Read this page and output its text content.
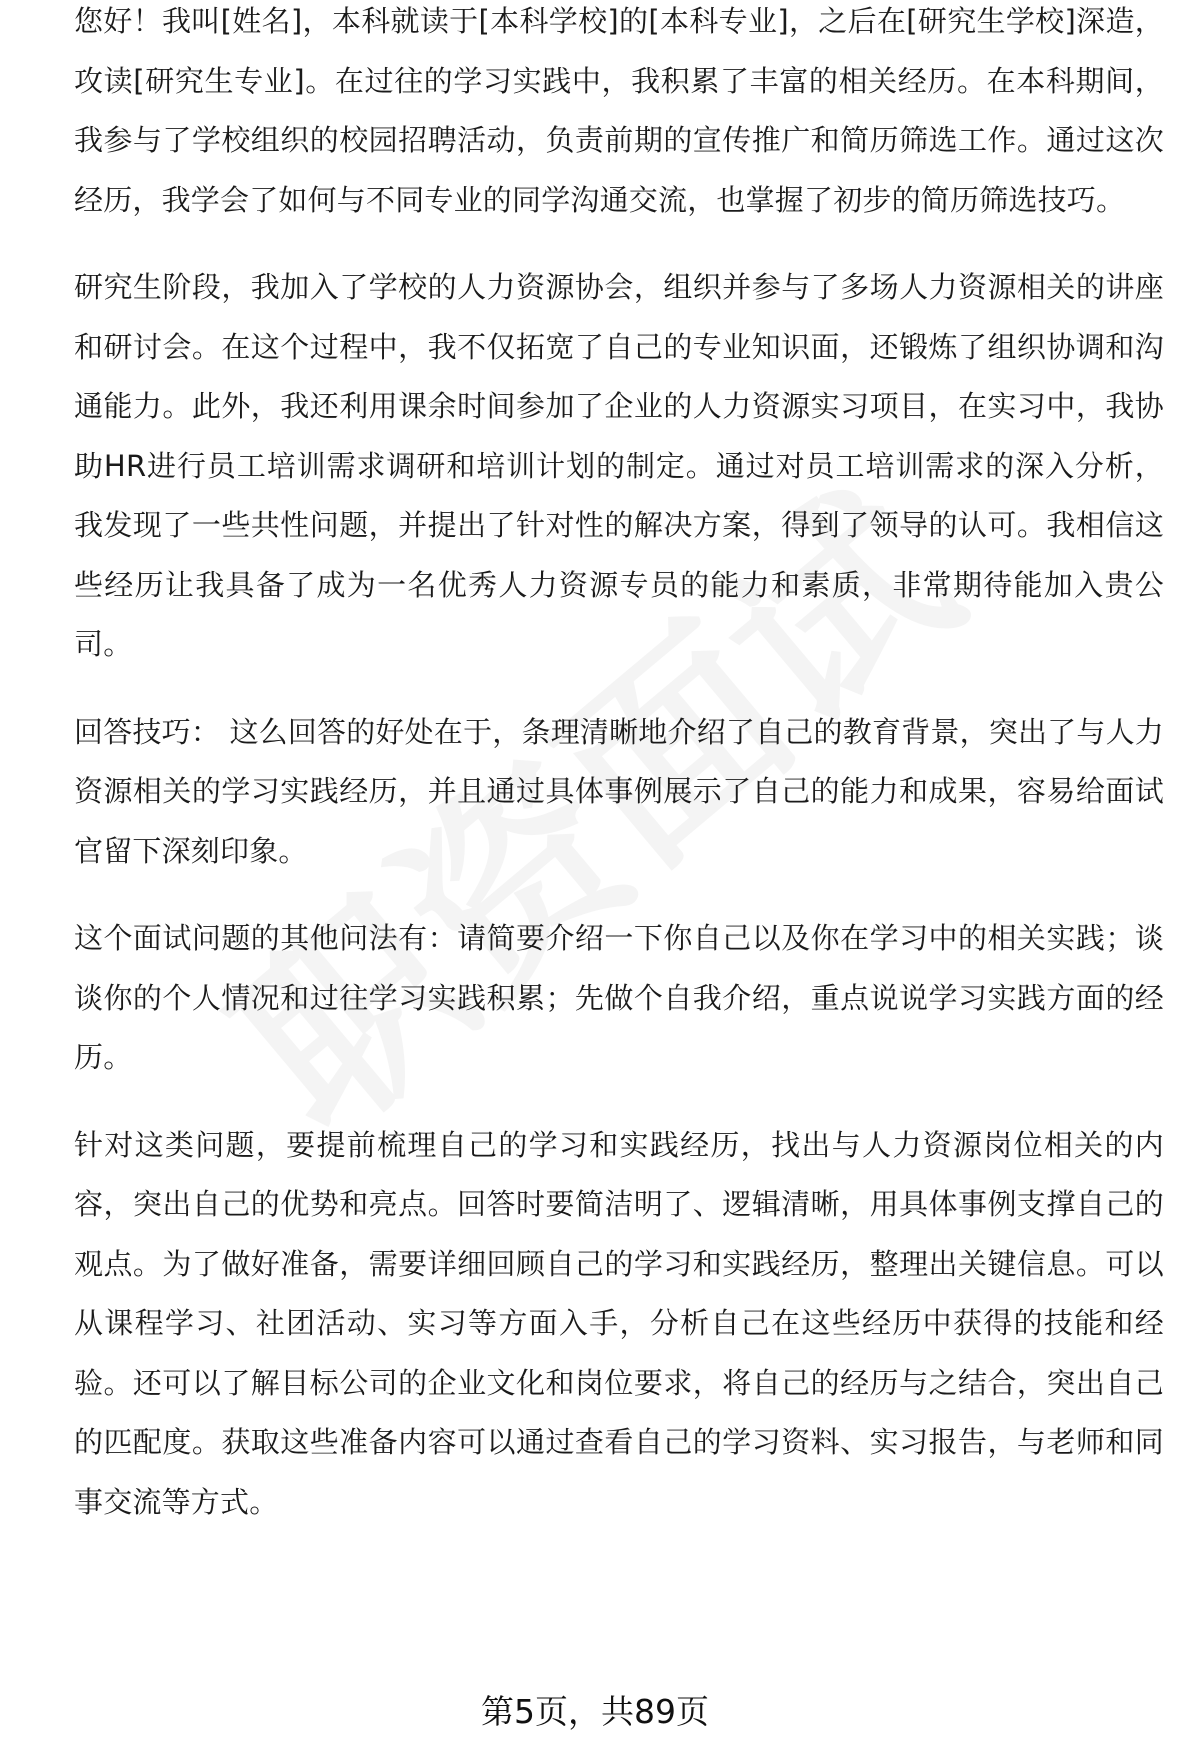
您好！我叫[姓名]，本科就读于[本科学校]的[本科专业]，之后在[研究生学校]深造，攻读[研究生专业]。在过往的学习实践中，我积累了丰富的相关经历。在本科期间，我参与了学校组织的校园招聘活动，负责前期的宣传推广和简历筛选工作。通过这次经历，我学会了如何与不同专业的同学沟通交流，也掌握了初步的简历筛选技巧。

研究生阶段，我加入了学校的人力资源协会，组织并参与了多场人力资源相关的讲座和研讨会。在这个过程中，我不仅拓宽了自己的专业知识面，还锻炼了组织协调和沟通能力。此外，我还利用课余时间参加了企业的人力资源实习项目，在实习中，我协助HR进行员工培训需求调研和培训计划的制定。通过对员工培训需求的深入分析，我发现了一些共性问题，并提出了针对性的解决方案，得到了领导的认可。我相信这些经历让我具备了成为一名优秀人力资源专员的能力和素质，非常期待能加入贵公司。

回答技巧： 这么回答的好处在于，条理清晰地介绍了自己的教育背景，突出了与人力资源相关的学习实践经历，并且通过具体事例展示了自己的能力和成果，容易给面试官留下深刻印象。

这个面试问题的其他问法有：请简要介绍一下你自己以及你在学习中的相关实践；谈谈你的个人情况和过往学习实践积累；先做个自我介绍，重点说说学习实践方面的经历。

针对这类问题，要提前梳理自己的学习和实践经历，找出与人力资源岗位相关的内容，突出自己的优势和亮点。回答时要简洁明了、逻辑清晰，用具体事例支撑自己的观点。为了做好准备，需要详细回顾自己的学习和实践经历，整理出关键信息。可以从课程学习、社团活动、实习等方面入手，分析自己在这些经历中获得的技能和经验。还可以了解目标公司的企业文化和岗位要求，将自己的经历与之结合，突出自己的匹配度。获取这些准备内容可以通过查看自己的学习资料、实习报告，与老师和同事交流等方式。

第5页，共89页
